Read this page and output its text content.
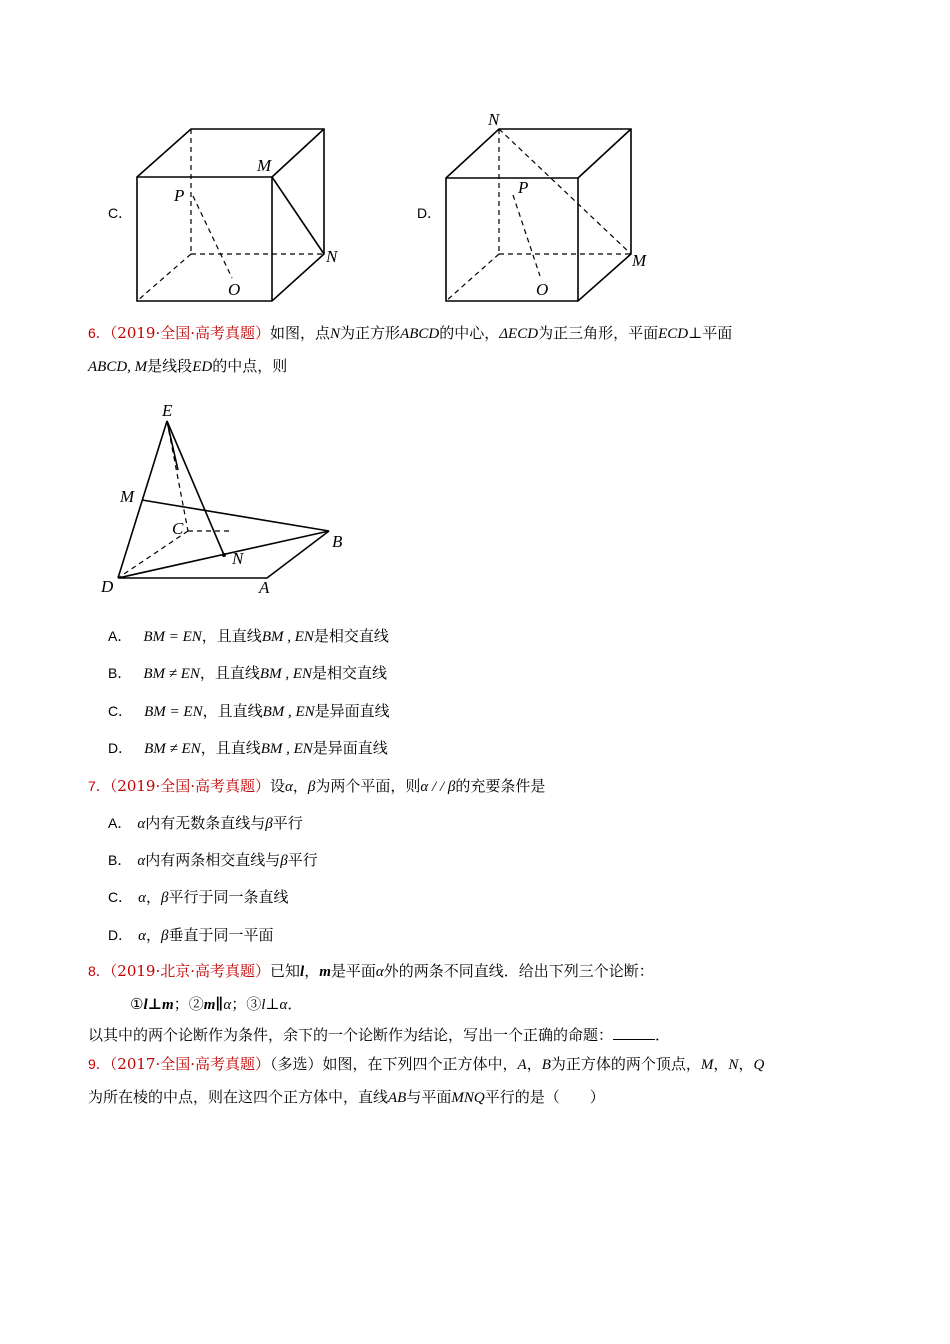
C．
M
P
N
O
D．
N
P
M
O
6．（2019·全国·高考真题）如图，点N为正方形ABCD的中心，ΔECD为正三角形，平面ECD⊥平面
ABCD, M是线段ED的中点，则
E
M
C
B
N
D	A
A． BM = EN，且直线BM , EN是相交直线
B． BM ≠ EN，且直线BM , EN是相交直线
C． BM = EN，且直线BM , EN是异面直线
D． BM ≠ EN，且直线BM , EN是异面直线
7．（2019·全国·高考真题）设α，β为两个平面，则α / / β的充要条件是
A． α内有无数条直线与β平行
B． α内有两条相交直线与β平行
C． α，β平行于同一条直线
D． α，β垂直于同一平面
8．（2019·北京·高考真题）已知l，m是平面α外的两条不同直线．给出下列三个论断：
①l⊥m；②m∥α；③l⊥α．
以其中的两个论断作为条件，余下的一个论断作为结论，写出一个正确的命题：	．
9．（2017·全国·高考真题）（多选）如图，在下列四个正方体中，A，B为正方体的两个顶点，M，N，Q
为所在棱的中点，则在这四个正方体中，直线AB与平面MNQ平行的是（　　）
